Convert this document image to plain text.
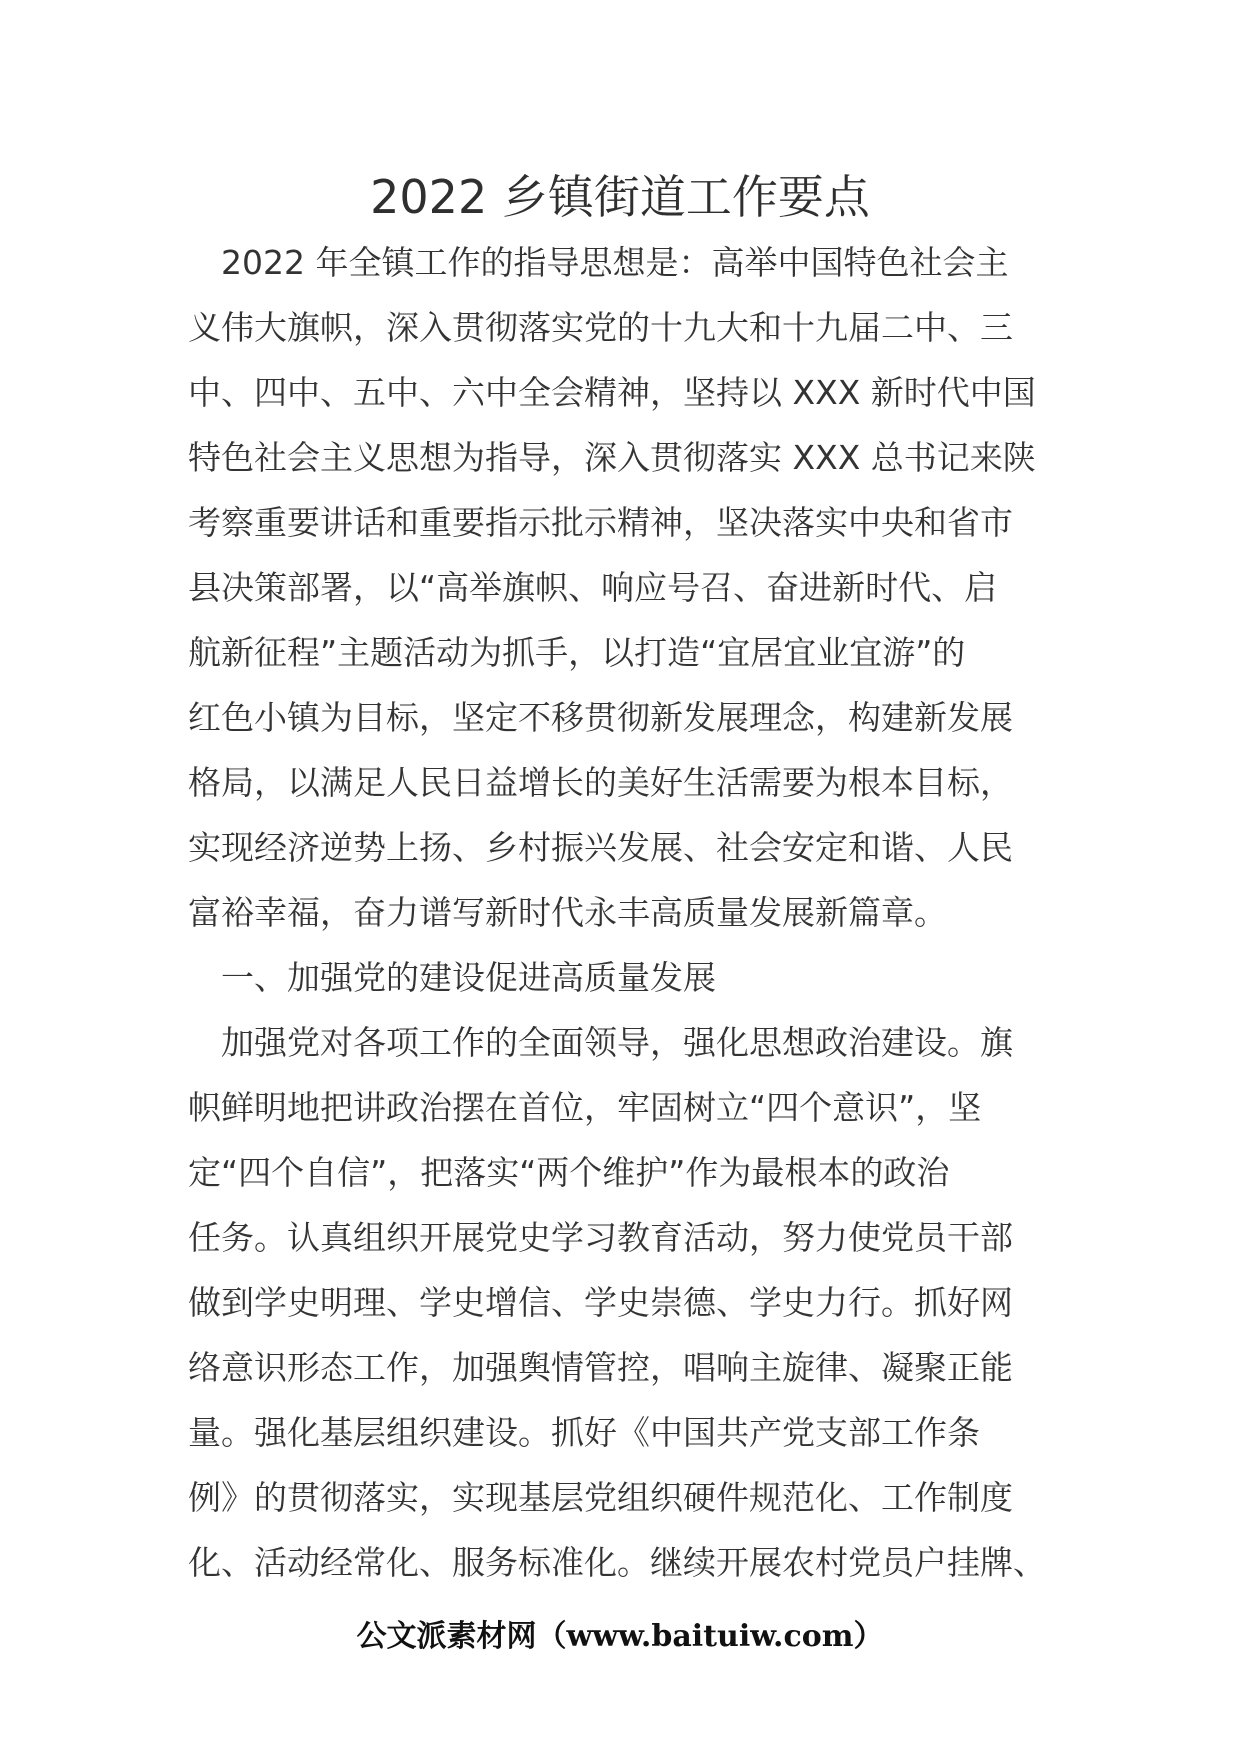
2022 乡镇街道工作要点
　2022 年全镇工作的指导思想是：高举中国特色社会主
义伟大旗帜，深入贯彻落实党的十九大和十九届二中、三
中、四中、五中、六中全会精神，坚持以 XXX 新时代中国
特色社会主义思想为指导，深入贯彻落实 XXX 总书记来陕
考察重要讲话和重要指示批示精神，坚决落实中央和省市
县决策部署，以“高举旗帜、响应号召、奋进新时代、启
航新征程”主题活动为抓手，以打造“宜居宜业宜游”的
红色小镇为目标，坚定不移贯彻新发展理念，构建新发展
格局，以满足人民日益增长的美好生活需要为根本目标，
实现经济逆势上扬、乡村振兴发展、社会安定和谐、人民
富裕幸福，奋力谱写新时代永丰高质量发展新篇章。
　一、加强党的建设促进高质量发展
　加强党对各项工作的全面领导，强化思想政治建设。旗
帜鲜明地把讲政治摆在首位，牢固树立“四个意识”，坚
定“四个自信”，把落实“两个维护”作为最根本的政治
任务。认真组织开展党史学习教育活动，努力使党员干部
做到学史明理、学史增信、学史崇德、学史力行。抓好网
络意识形态工作，加强舆情管控，唱响主旋律、凝聚正能
量。强化基层组织建设。抓好《中国共产党支部工作条
例》的贯彻落实，实现基层党组织硬件规范化、工作制度
化、活动经常化、服务标准化。继续开展农村党员户挂牌、
公文派素材网（www.baituiw.com）
